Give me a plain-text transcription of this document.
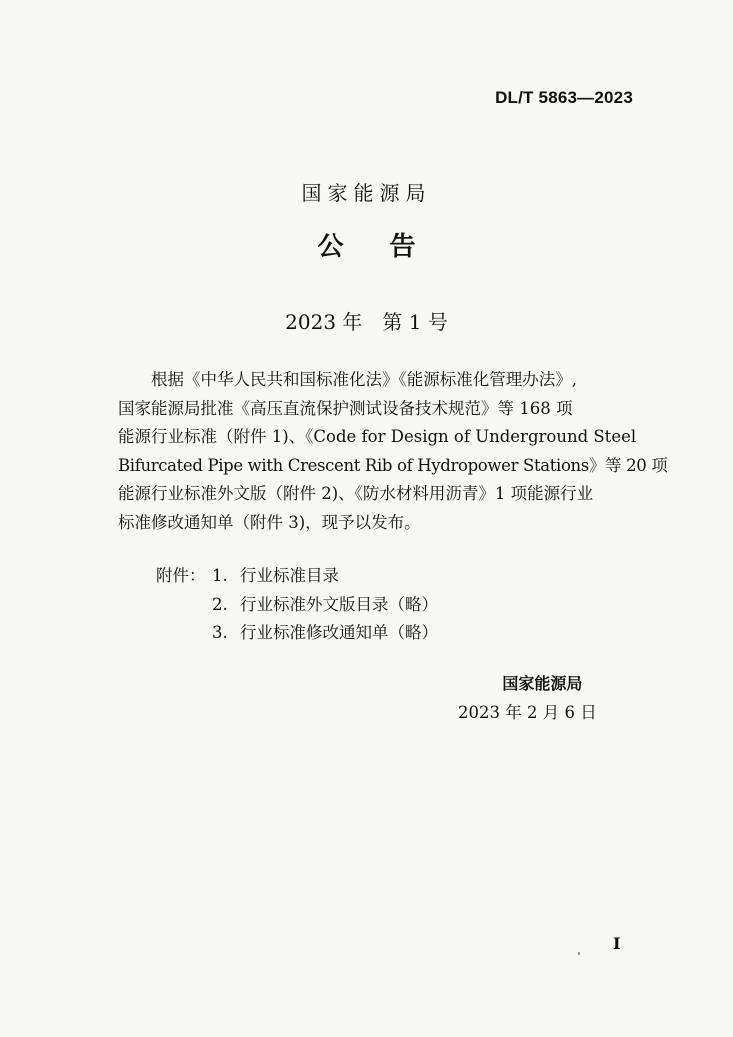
DL/T 5863—2023
国家能源局
公告
2023 年　第 1 号
根据《中华人民共和国标准化法》《能源标准化管理办法》,
国家能源局批准《高压直流保护测试设备技术规范》等 168 项
能源行业标准（附件 1)、《Code for Design of Underground Steel
Bifurcated Pipe with Crescent Rib of Hydropower Stations》等 20 项
能源行业标准外文版（附件 2)、《防水材料用沥青》1 项能源行业
标准修改通知单（附件 3)，现予以发布。
附件： 1. 行业标准目录
2. 行业标准外文版目录（略）
3. 行业标准修改通知单（略）
国家能源局
2023 年 2 月 6 日
I
